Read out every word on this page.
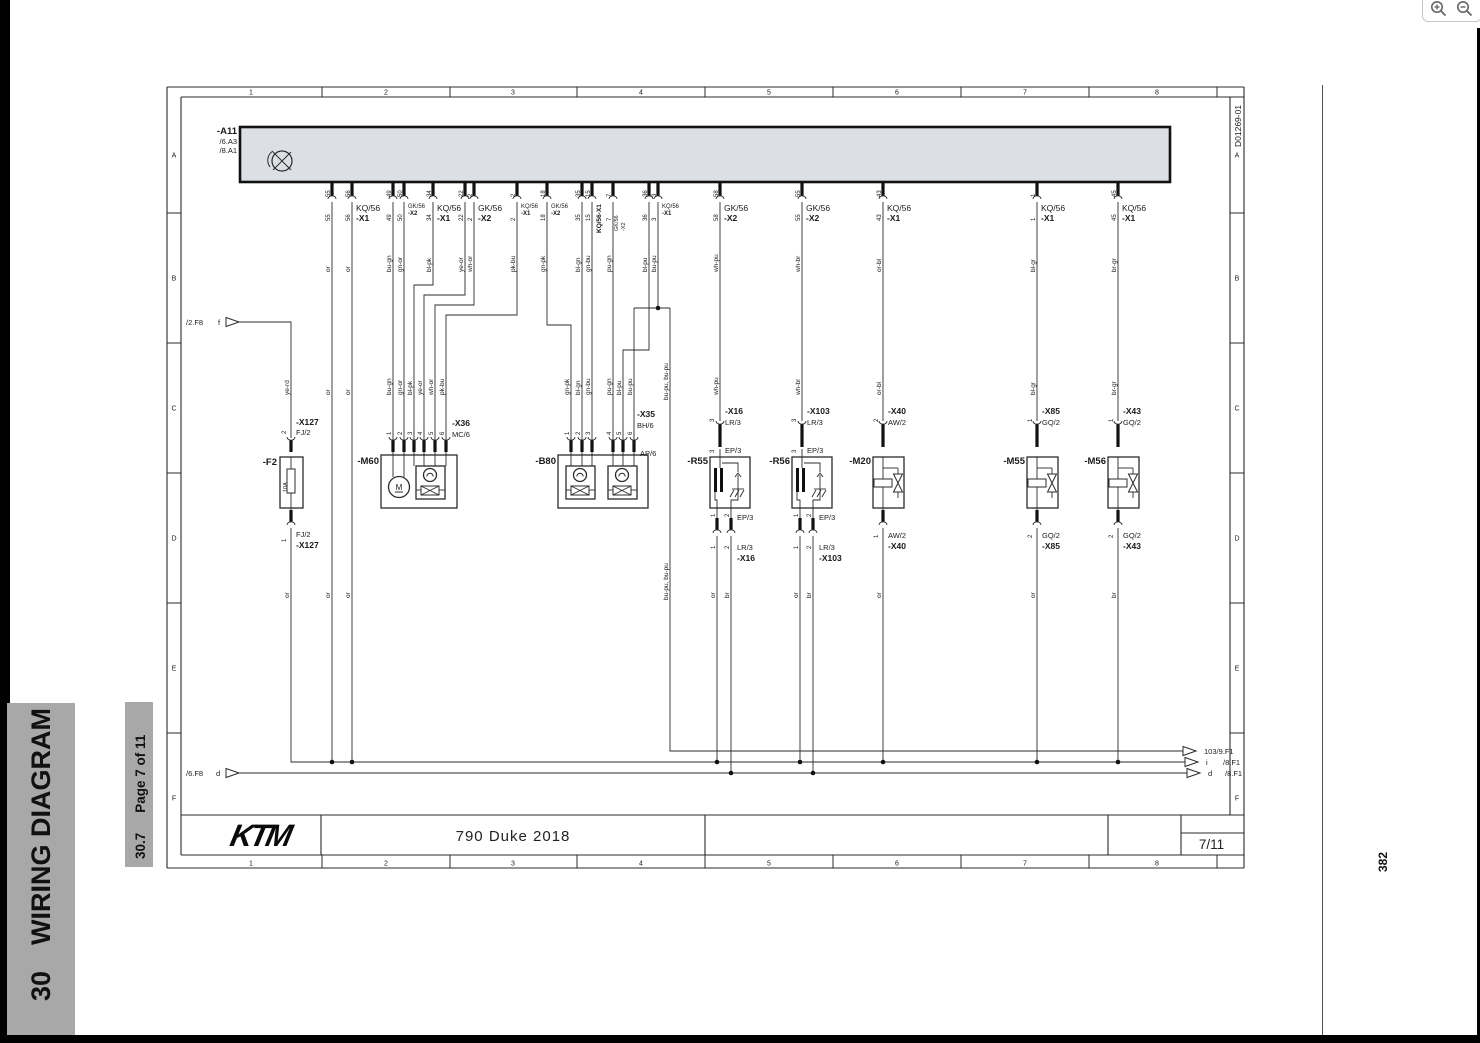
30
WIRING DIAGRAM	30.7
Page 7 of 11
382
1
1
2
2
3
3
4
4
5
5
6
6
7
7
8
8
A	A
B	B
C	C
D	D
E	E
F	F
55
55
or
56
56
or
KQ/56
-X1
49
49
bu-gn
50
50
gn-or
GK/56
-X2
34
34
bl-pk
KQ/56
-X1
22
22
ye-or
2
2
wh-or
GK/56
-X2
2
2
pk-bu
KQ/56
-X1
18
18
gn-pk
GK/56
-X2
35
35
bl-gn
15
15
gn-bu
KQ/56-X1
7
7
pu-gn
GK/56 -X2
36
36
bl-pu
3
3
bu-pu
KQ/56
-X1
58
58
wh-pu
GK/56
-X2
55
55
wh-br
GK/56
-X2
43
43
or-bl
KQ/56
-X1
1
1
bl-gr
KQ/56
-X1
45
45
br-gr
KQ/56
-X1
ye-rd	or or	bu-gn gn-or bl-pk ye-or wh-or pk-bu	gn-pk bl-gn gn-bu pu-gn bl-pu bu-pu	wh-pu	wh-br	or-bl	bl-gr	br-gr
or	or or	or br	or br	or	or	br
-A11
/6.A3
/8.A1
-F2	-M60	-B80	-R55	-R56	-M20	-M55	-M56
2
-X127
FJ/2
1
FJ/2
-X127
1 2 3 4 5 6
-X36
MC/6	1 2 3	4 5 6
-X35
BH/6
AP/6
3
-X16
LR/3
3 EP/3
3
-X103
LR/3
3 EP/3
1 2 EP/3
1 2 LR/3
-X16
1 2 EP/3
1 2 LR/3
-X103
2
-X40
AW/2
1 AW/2
-X40
1
-X85
GQ/2
2 GQ/2
-X85
1
-X43
GQ/2
2 GQ/2
-X43
10A
/2.F8 f
/6.F8 d
103/9.F1
i /8.F1
d /8.F1
D01269-01
bu-pu, bu-pu
bu-pu, bu-pu
M
KTM	790 Duke 2018	7/11
